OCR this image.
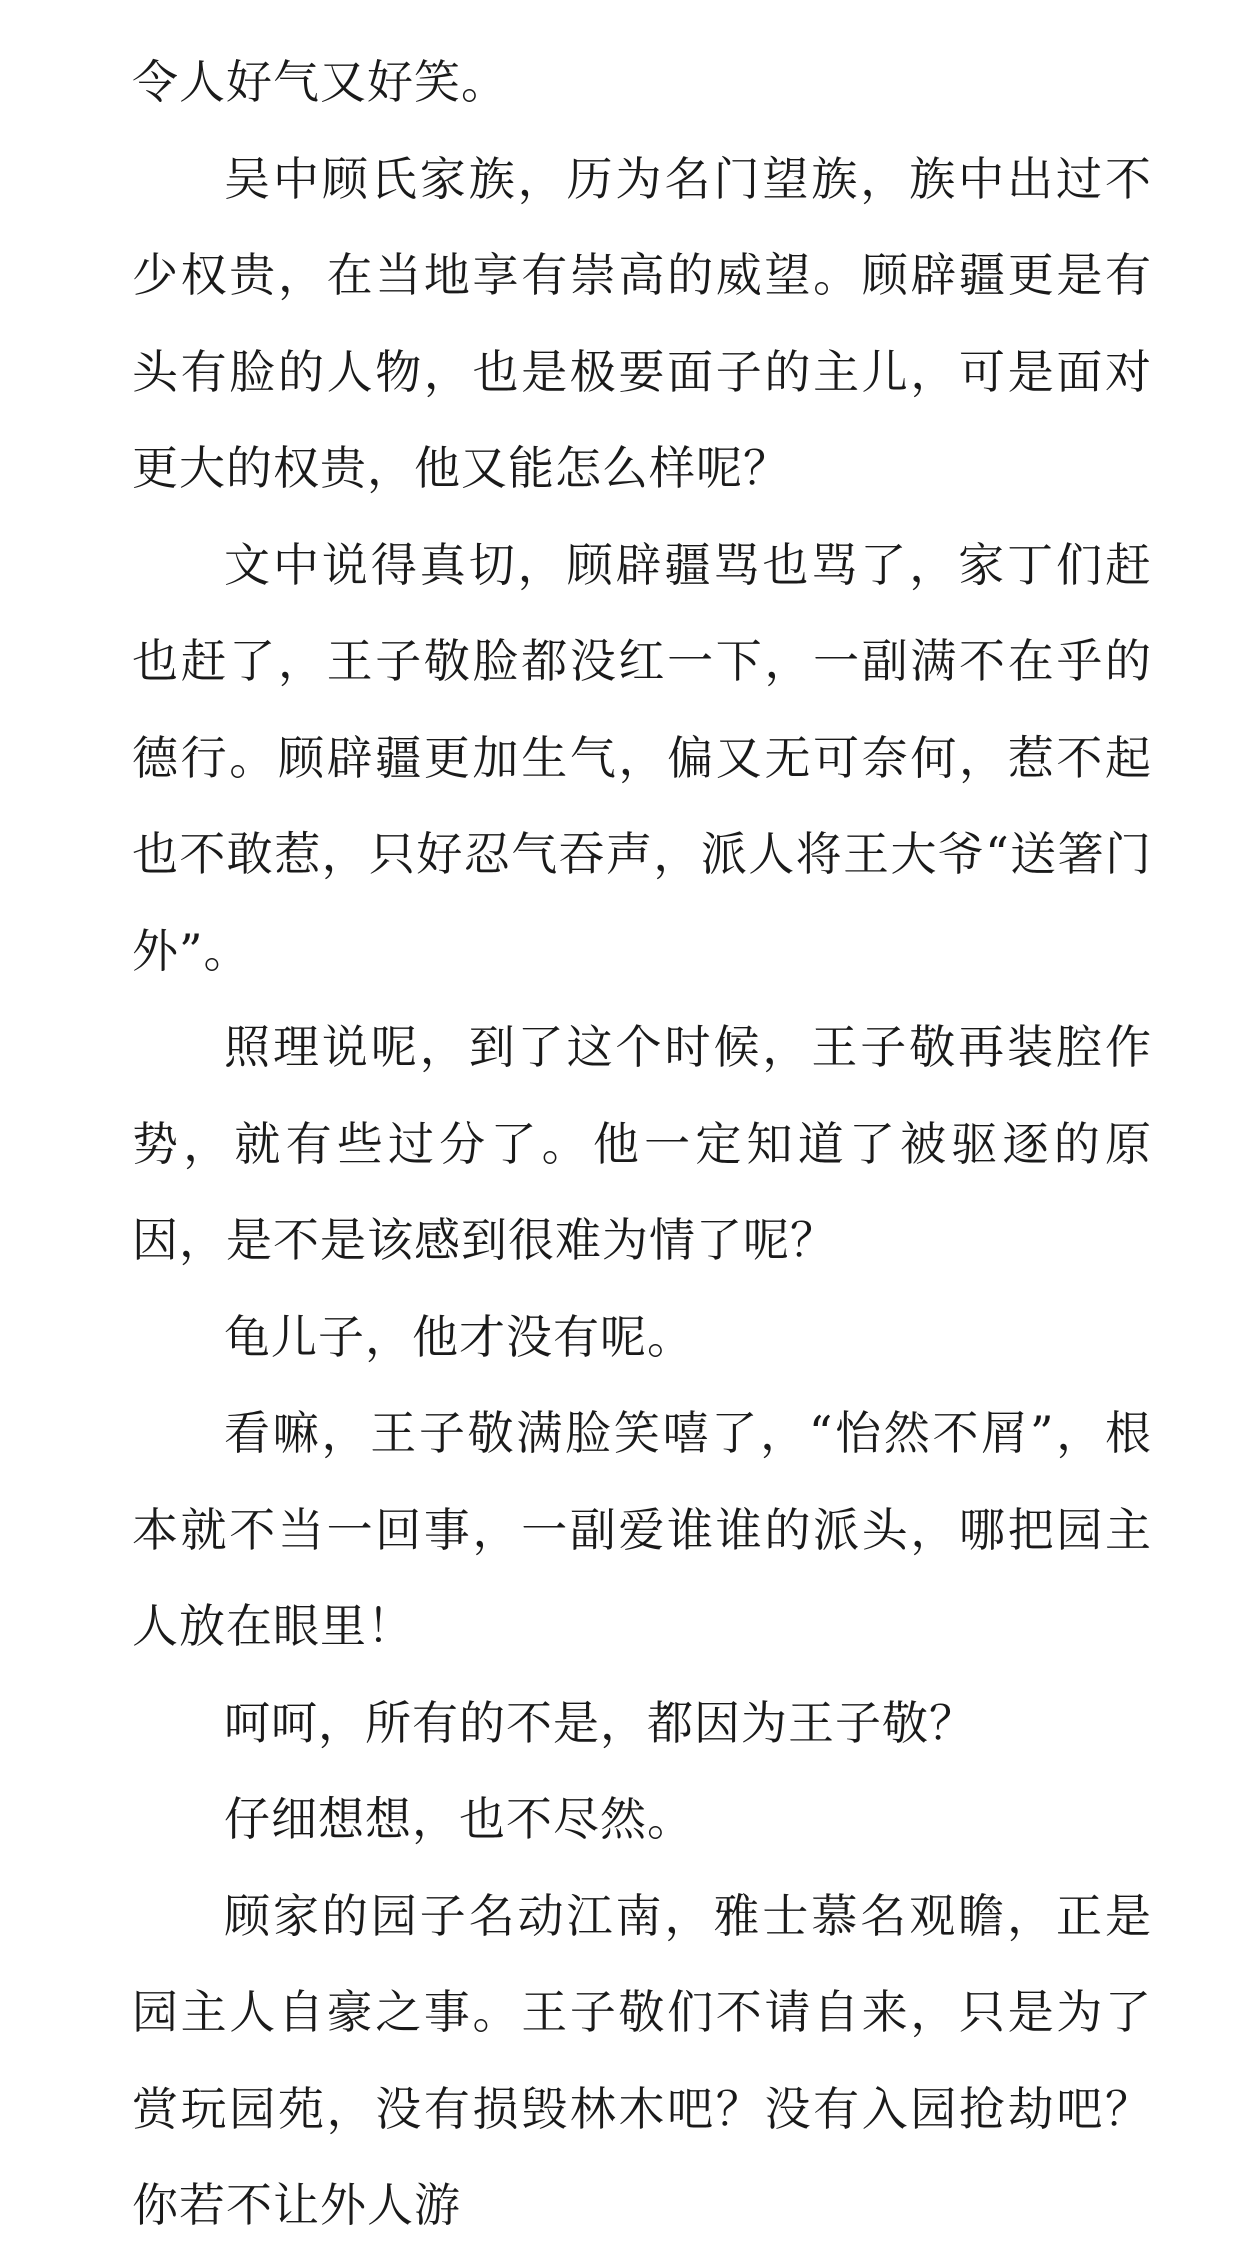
令人好气又好笑。

吴中顾氏家族，历为名门望族，族中出过不少权贵，在当地享有崇高的威望。顾辟疆更是有头有脸的人物，也是极要面子的主儿，可是面对更大的权贵，他又能怎么样呢？

文中说得真切，顾辟疆骂也骂了，家丁们赶也赶了，王子敬脸都没红一下，一副满不在乎的德行。顾辟疆更加生气，偏又无可奈何，惹不起也不敢惹，只好忍气吞声，派人将王大爷“送箸门外”。

照理说呢，到了这个时候，王子敬再装腔作势，就有些过分了。他一定知道了被驱逐的原因，是不是该感到很难为情了呢？

龟儿子，他才没有呢。

看嘛，王子敬满脸笑嘻了，“怡然不屑”，根本就不当一回事，一副爱谁谁的派头，哪把园主人放在眼里！

呵呵，所有的不是，都因为王子敬？

仔细想想，也不尽然。

顾家的园子名动江南，雅士慕名观瞻，正是园主人自豪之事。王子敬们不请自来，只是为了赏玩园苑，没有损毁林木吧？没有入园抢劫吧？你若不让外人游
